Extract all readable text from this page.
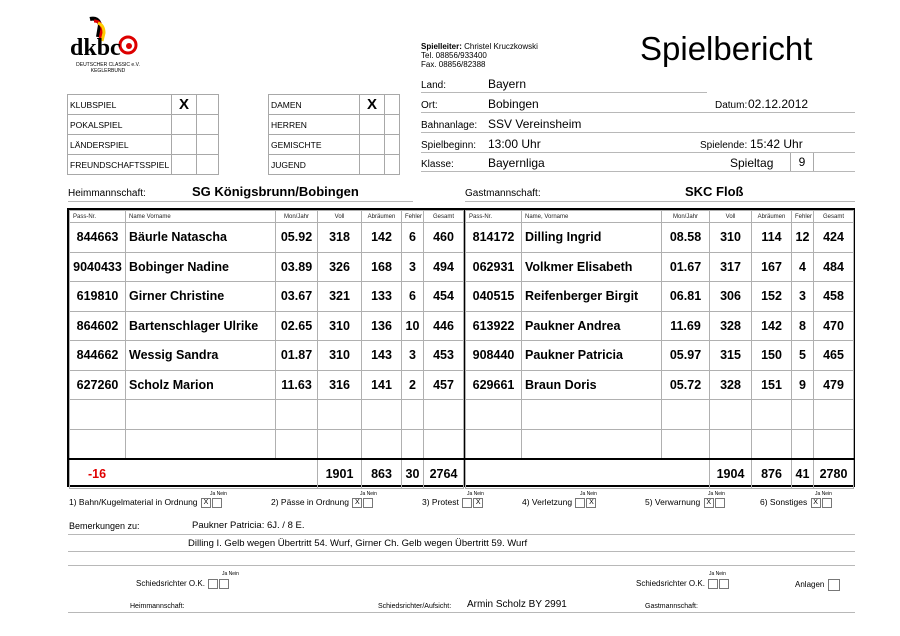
dkbc
DEUTSCHER CLASSIC e.V.
KEGLERBUND
Spielleiter: Christel Kruczkowski
Tel. 08856/933400
Fax. 08856/82388	Spielbericht
KLUBSPIEL	X	
POKALSPIEL		
LÄNDERSPIEL		
FREUNDSCHAFTSSPIEL		
DAMEN	X	
HERREN		
GEMISCHTE		
JUGEND		
Land:	Bayern
Ort:	Bobingen	Datum: 02.12.2012
Bahnanlage: SSV Vereinsheim
Spielbeginn: 13:00 Uhr	Spielende: 15:42 Uhr
Klasse:	Bayernliga	Spieltag	9
Heimmannschaft:	SG Königsbrunn/Bobingen	Gastmannschaft:	SKC Floß
Pass-Nr.	Name Vorname	Mon/Jahr	Voll	Abräumen	Fehler	Gesamt
844663	Bäurle Natascha	05.92	318	142	6	460
9040433	Bobinger Nadine	03.89	326	168	3	494
619810	Girner Christine	03.67	321	133	6	454
864602	Bartenschlager Ulrike	02.65	310	136	10	446
844662	Wessig Sandra	01.87	310	143	3	453
627260	Scholz Marion	11.63	316	141	2	457

-16			1901	863	30	2764
Pass-Nr.	Name, Vorname	Mon/Jahr	Voll	Abräumen	Fehler	Gesamt
814172	Dilling Ingrid	08.58	310	114	12	424
062931	Volkmer Elisabeth	01.67	317	167	4	484
040515	Reifenberger Birgit	06.81	306	152	3	458
613922	Paukner Andrea	11.69	328	142	8	470
908440	Paukner Patricia	05.97	315	150	5	465
629661	Braun Doris	05.72	328	151	9	479

			1904	876	41	2780
Ja Nein
1) Bahn/Kugelmaterial in Ordnung X
Ja Nein
2) Pässe in Ordnung X
Ja Nein
3) Protest X
Ja Nein
4) Verletzung X
Ja Nein
5) Verwarnung X
Ja Nein
6) Sonstiges X
Bemerkungen zu:	Paukner Patricia: 6J. / 8 E.
Dilling I. Gelb wegen Übertritt 54. Wurf, Girner Ch. Gelb wegen Übertritt 59. Wurf
Ja Nein
Schiedsrichter O.K.
Ja Nein
Schiedsrichter O.K.	Anlagen
Heimmannschaft:	Schiedsrichter/Aufsicht: Armin Scholz BY 2991	Gastmannschaft:
